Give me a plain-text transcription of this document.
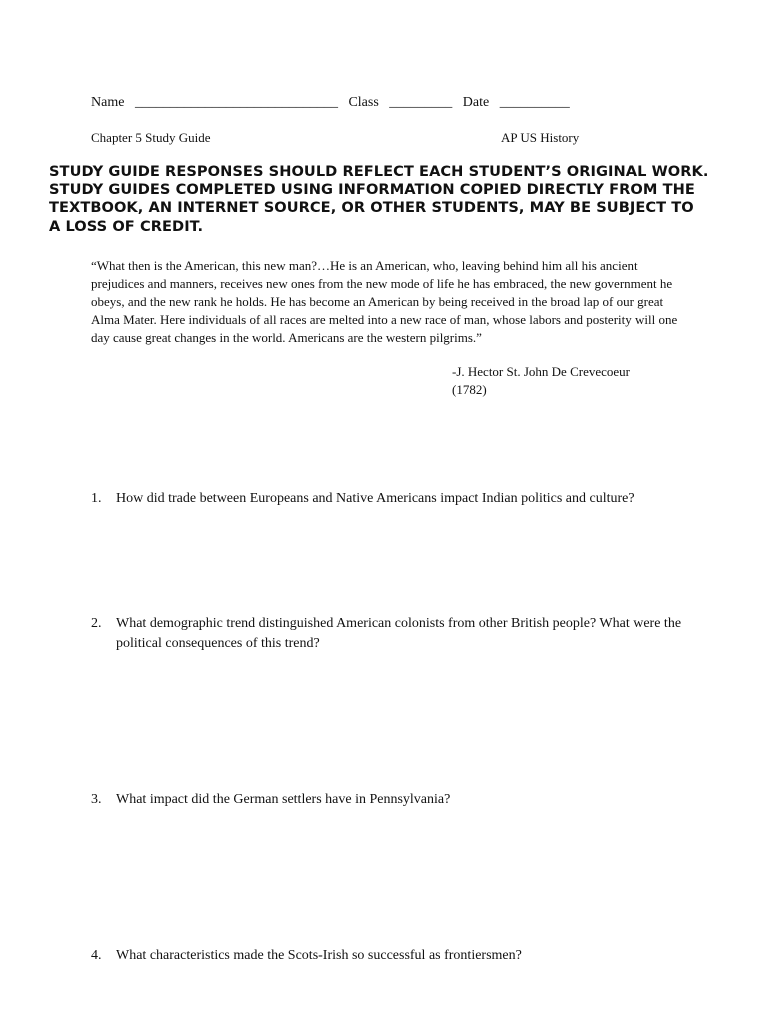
Name _____________________________ Class _________ Date __________
Chapter 5 Study Guide	AP US History

STUDY GUIDE RESPONSES SHOULD REFLECT EACH STUDENT’S ORIGINAL WORK. STUDY GUIDES COMPLETED USING INFORMATION COPIED DIRECTLY FROM THE TEXTBOOK, AN INTERNET SOURCE, OR OTHER STUDENTS, MAY BE SUBJECT TO A LOSS OF CREDIT.

“What then is the American, this new man?…He is an American, who, leaving behind him all his ancient prejudices and manners, receives new ones from the new mode of life he has embraced, the new government he obeys, and the new rank he holds. He has become an American by being received in the broad lap of our great Alma Mater. Here individuals of all races are melted into a new race of man, whose labors and posterity will one day cause great changes in the world. Americans are the western pilgrims.”

-J. Hector St. John De Crevecoeur
(1782)
1.	How did trade between Europeans and Native Americans impact Indian politics and culture?
2.	What demographic trend distinguished American colonists from other British people? What were the political consequences of this trend?
3.	What impact did the German settlers have in Pennsylvania?
4.	What characteristics made the Scots-Irish so successful as frontiersmen?
